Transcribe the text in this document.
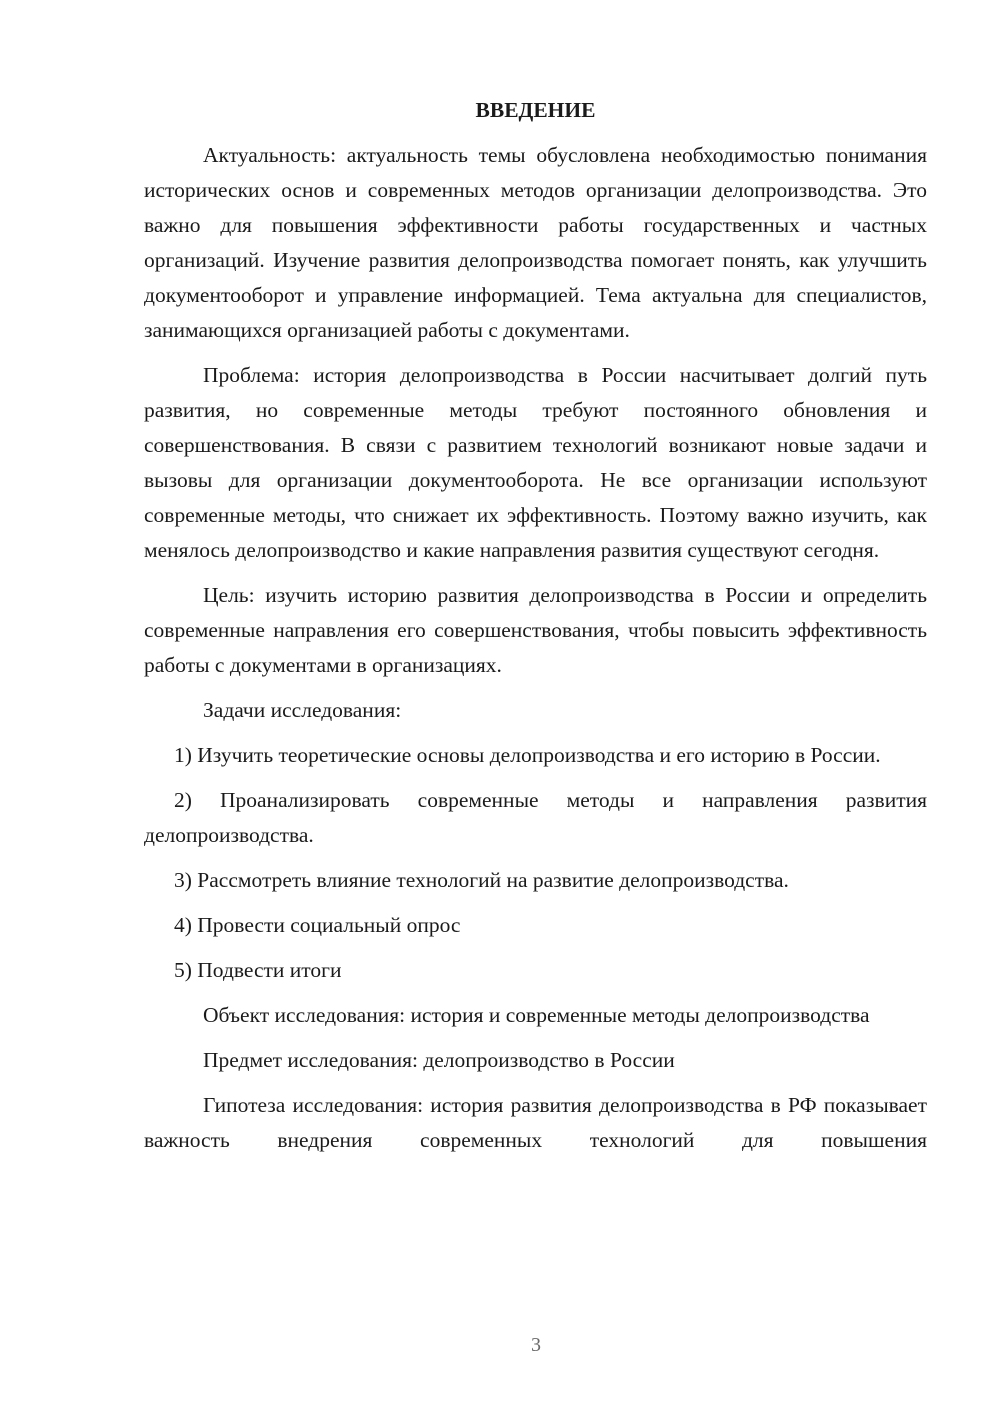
ВВЕДЕНИЕ

Актуальность: актуальность темы обусловлена необходимостью понимания исторических основ и современных методов организации делопроизводства. Это важно для повышения эффективности работы государственных и частных организаций. Изучение развития делопроизводства помогает понять, как улучшить документооборот и управление информацией. Тема актуальна для специалистов, занимающихся организацией работы с документами.

Проблема: история делопроизводства в России насчитывает долгий путь развития, но современные методы требуют постоянного обновления и совершенствования. В связи с развитием технологий возникают новые задачи и вызовы для организации документооборота. Не все организации используют современные методы, что снижает их эффективность. Поэтому важно изучить, как менялось делопроизводство и какие направления развития существуют сегодня.

Цель: изучить историю развития делопроизводства в России и определить современные направления его совершенствования, чтобы повысить эффективность работы с документами в организациях.

Задачи исследования:

1) Изучить теоретические основы делопроизводства и его историю в России.

2) Проанализировать современные методы и направления развития делопроизводства.

3) Рассмотреть влияние технологий на развитие делопроизводства.

4) Провести социальный опрос

5) Подвести итоги

Объект исследования: история и современные методы делопроизводства

Предмет исследования: делопроизводство в России

Гипотеза исследования: история развития делопроизводства в РФ показывает важность внедрения современных технологий для повышения

3
